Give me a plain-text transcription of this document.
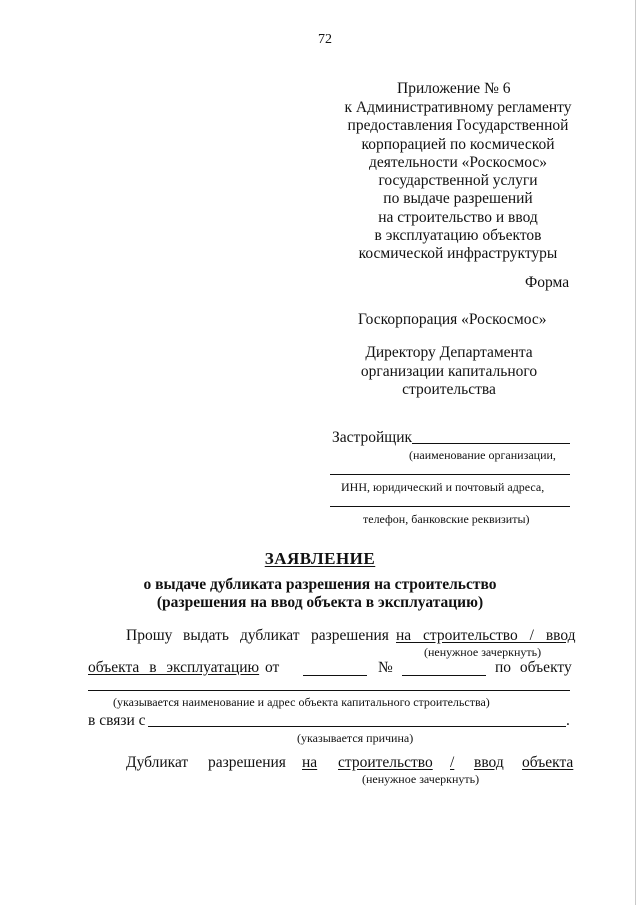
72
Приложение № 6
к Административному регламенту
предоставления Государственной
корпорацией по космической
деятельности «Роскосмос»
государственной услуги
по выдаче разрешений
на строительство и ввод
в эксплуатацию объектов
космической инфраструктуры
Форма
Госкорпорация «Роскосмос»
Директору Департамента
организации капитального
строительства
Застройщик
(наименование организации,
ИНН, юридический и почтовый адреса,
телефон, банковские реквизиты)
ЗАЯВЛЕНИЕ
о выдаче дубликата разрешения на строительство
(разрешения на ввод объекта в эксплуатацию)
Прошу выдать дубликат разрешения на строительство / ввод
(ненужное зачеркнуть)
объекта в эксплуатацию от	№	по объекту
(указывается наименование и адрес объекта капитального строительства)
в связи с	.
(указывается причина)
Дубликат разрешения на строительство / ввод объекта
(ненужное зачеркнуть)
